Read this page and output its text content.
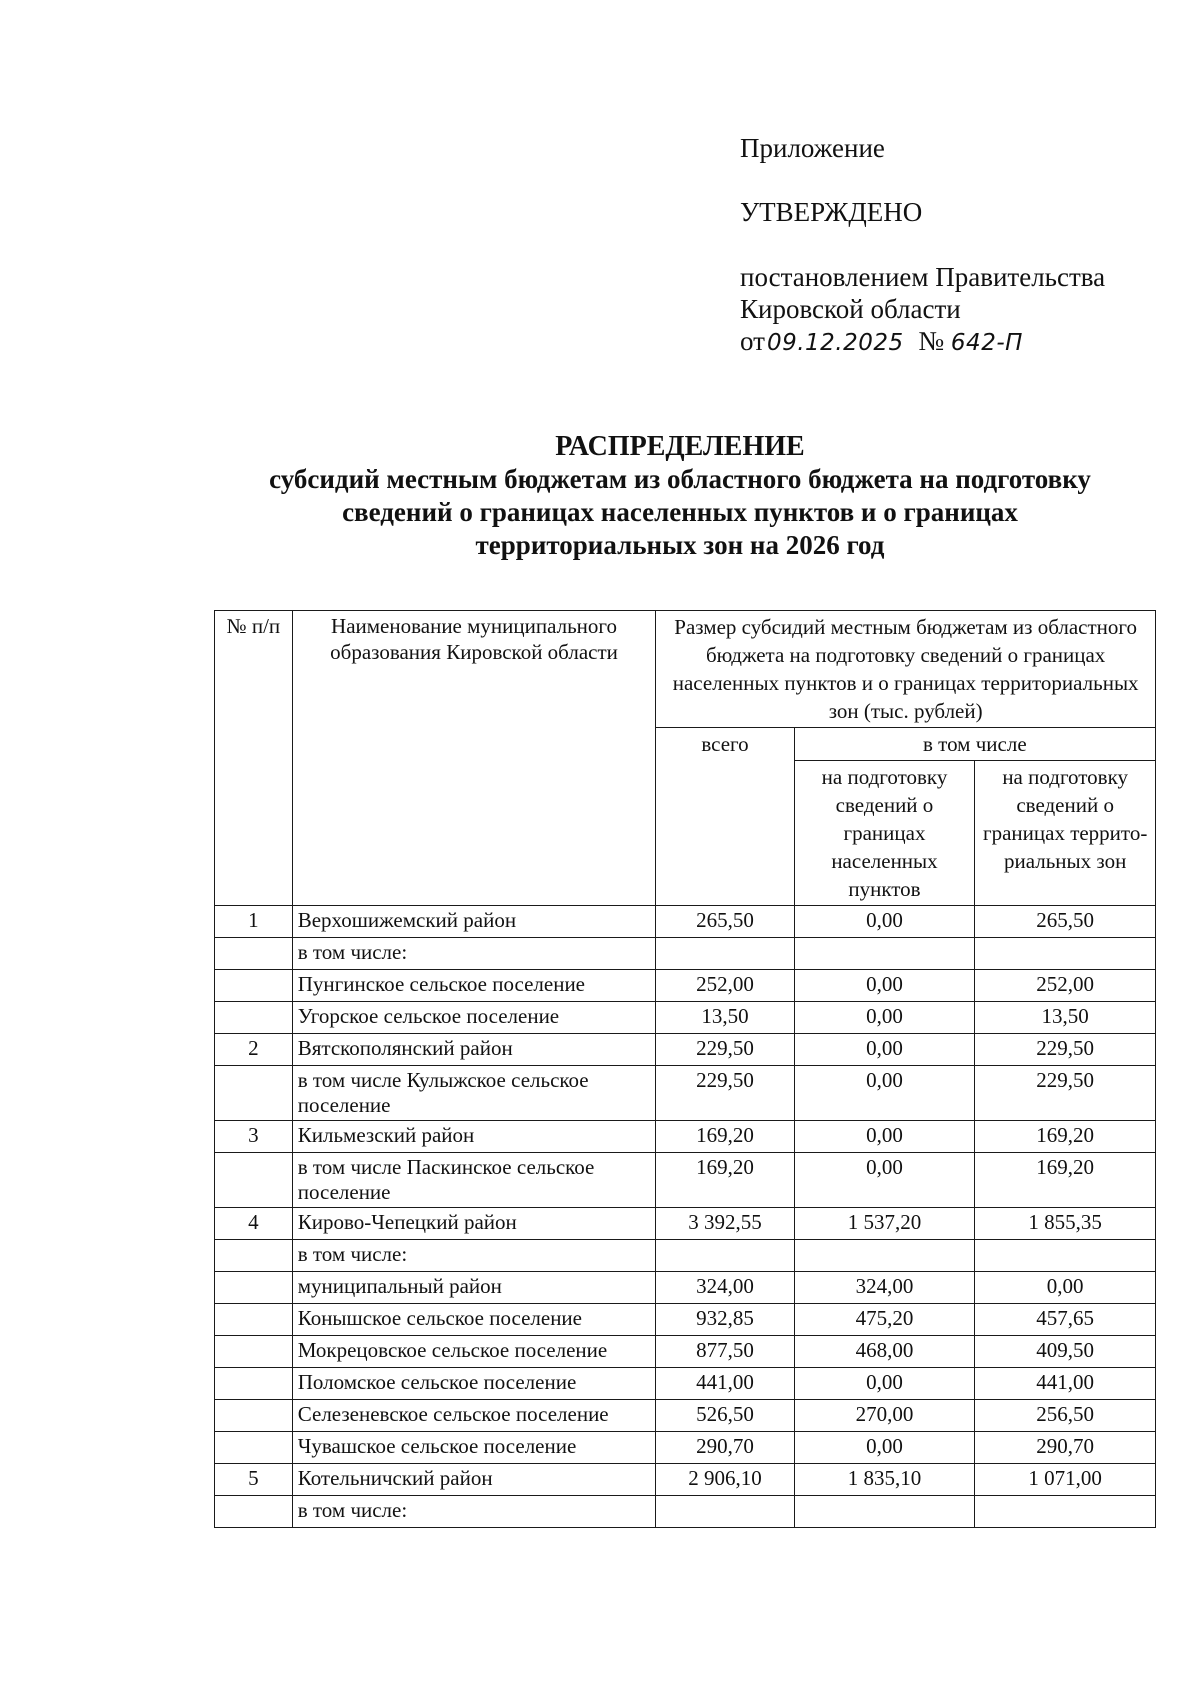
Приложение
УТВЕРЖДЕНО
постановлением Правительства
Кировской области
от09.12.2025 № 642-П
РАСПРЕДЕЛЕНИЕ
субсидий местным бюджетам из областного бюджета на подготовку
сведений о границах населенных пунктов и о границах
территориальных зон на 2026 год
№ п/п	Наименование муниципального образования Кировской области	Размер субсидий местным бюджетам из областного бюджета на подготовку сведений о границах населенных пунктов и о границах территориальных зон (тыс. рублей)		
		всего	в том числе	
			на подготовку сведений о границах населенных пунктов	на подготовку сведений о границах террито-риальных зон
1	Верхошижемский район	265,50	0,00	265,50
	в том числе:			
	Пунгинское сельское поселение	252,00	0,00	252,00
	Угорское сельское поселение	13,50	0,00	13,50
2	Вятскополянский район	229,50	0,00	229,50
	в том числе Кулыжское сельское поселение	229,50	0,00	229,50
3	Кильмезский район	169,20	0,00	169,20
	в том числе Паскинское сельское поселение	169,20	0,00	169,20
4	Кирово-Чепецкий район	3 392,55	1 537,20	1 855,35
	в том числе:			
	муниципальный район	324,00	324,00	0,00
	Конышское сельское поселение	932,85	475,20	457,65
	Мокрецовское сельское поселение	877,50	468,00	409,50
	Поломское сельское поселение	441,00	0,00	441,00
	Селезеневское сельское поселение	526,50	270,00	256,50
	Чувашское сельское поселение	290,70	0,00	290,70
5	Котельничский район	2 906,10	1 835,10	1 071,00
	в том числе:			
